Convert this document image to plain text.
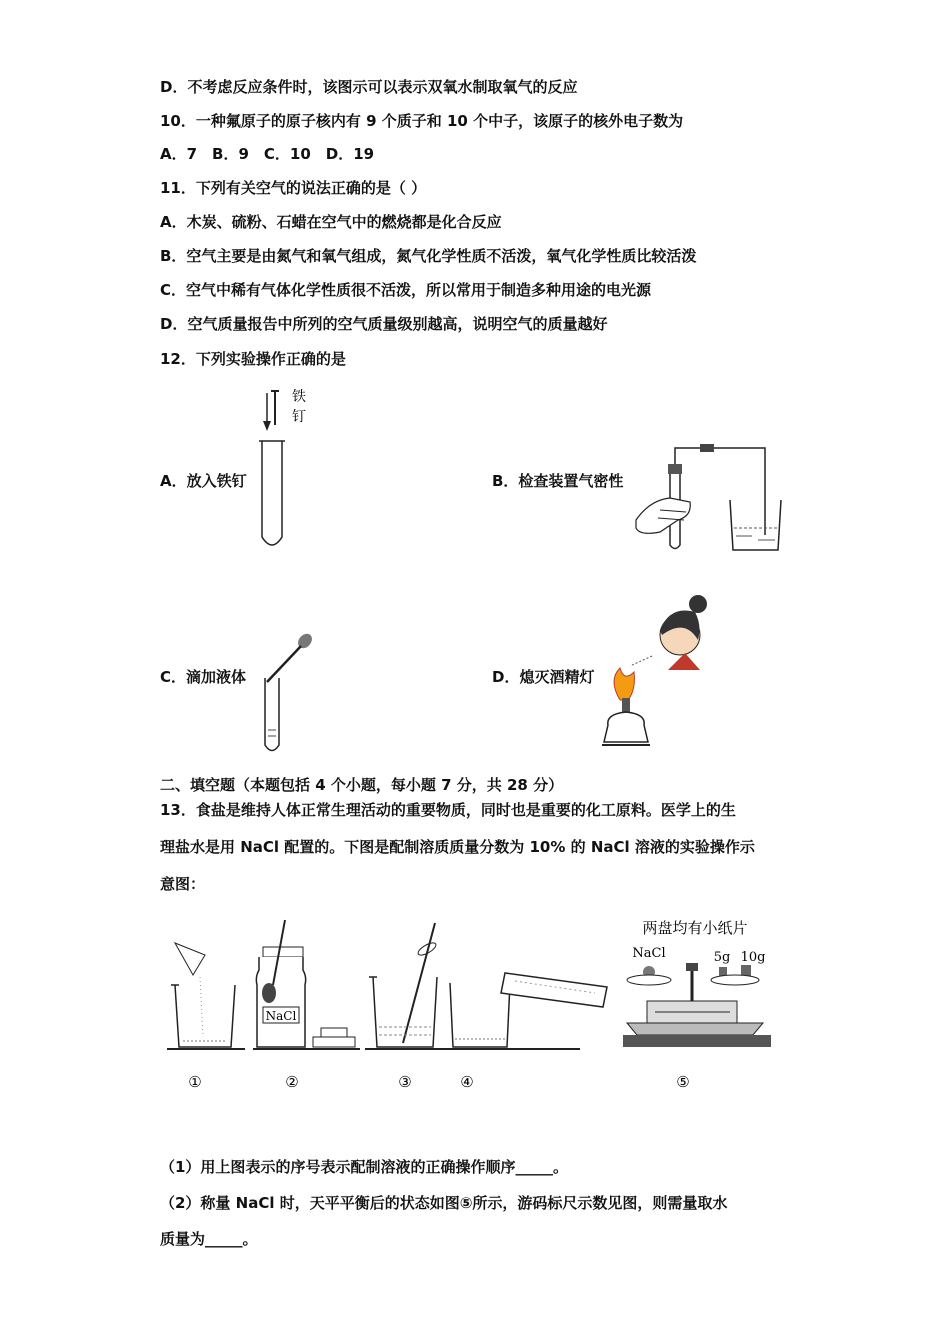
D．不考虑反应条件时，该图示可以表示双氧水制取氧气的反应
10．一种氟原子的原子核内有 9 个质子和 10 个中子，该原子的核外电子数为
A．7　B．9　C．10　D．19
11．下列有关空气的说法正确的是（ ）
A．木炭、硫粉、石蜡在空气中的燃烧都是化合反应
B．空气主要是由氮气和氧气组成，氮气化学性质不活泼，氧气化学性质比较活泼
C．空气中稀有气体化学性质很不活泼，所以常用于制造多种用途的电光源
D．空气质量报告中所列的空气质量级别越高，说明空气的质量越好
12．下列实验操作正确的是
A．放入铁钉	B．检查装置气密性
C．滴加液体	D．熄灭酒精灯
铁
钉
二、填空题（本题包括 4 个小题，每小题 7 分，共 28 分）
13．食盐是维持人体正常生理活动的重要物质，同时也是重要的化工原料。医学上的生
理盐水是用 NaCl 配置的。下图是配制溶质质量分数为 10% 的 NaCl 溶液的实验操作示
意图：
NaCl
两盘均有小纸片
NaCl	5g 10g
①	②	③	④	⑤
（1）用上图表示的序号表示配制溶液的正确操作顺序_____。
（2）称量 NaCl 时，天平平衡后的状态如图⑤所示，游码标尺示数见图，则需量取水
质量为_____。
